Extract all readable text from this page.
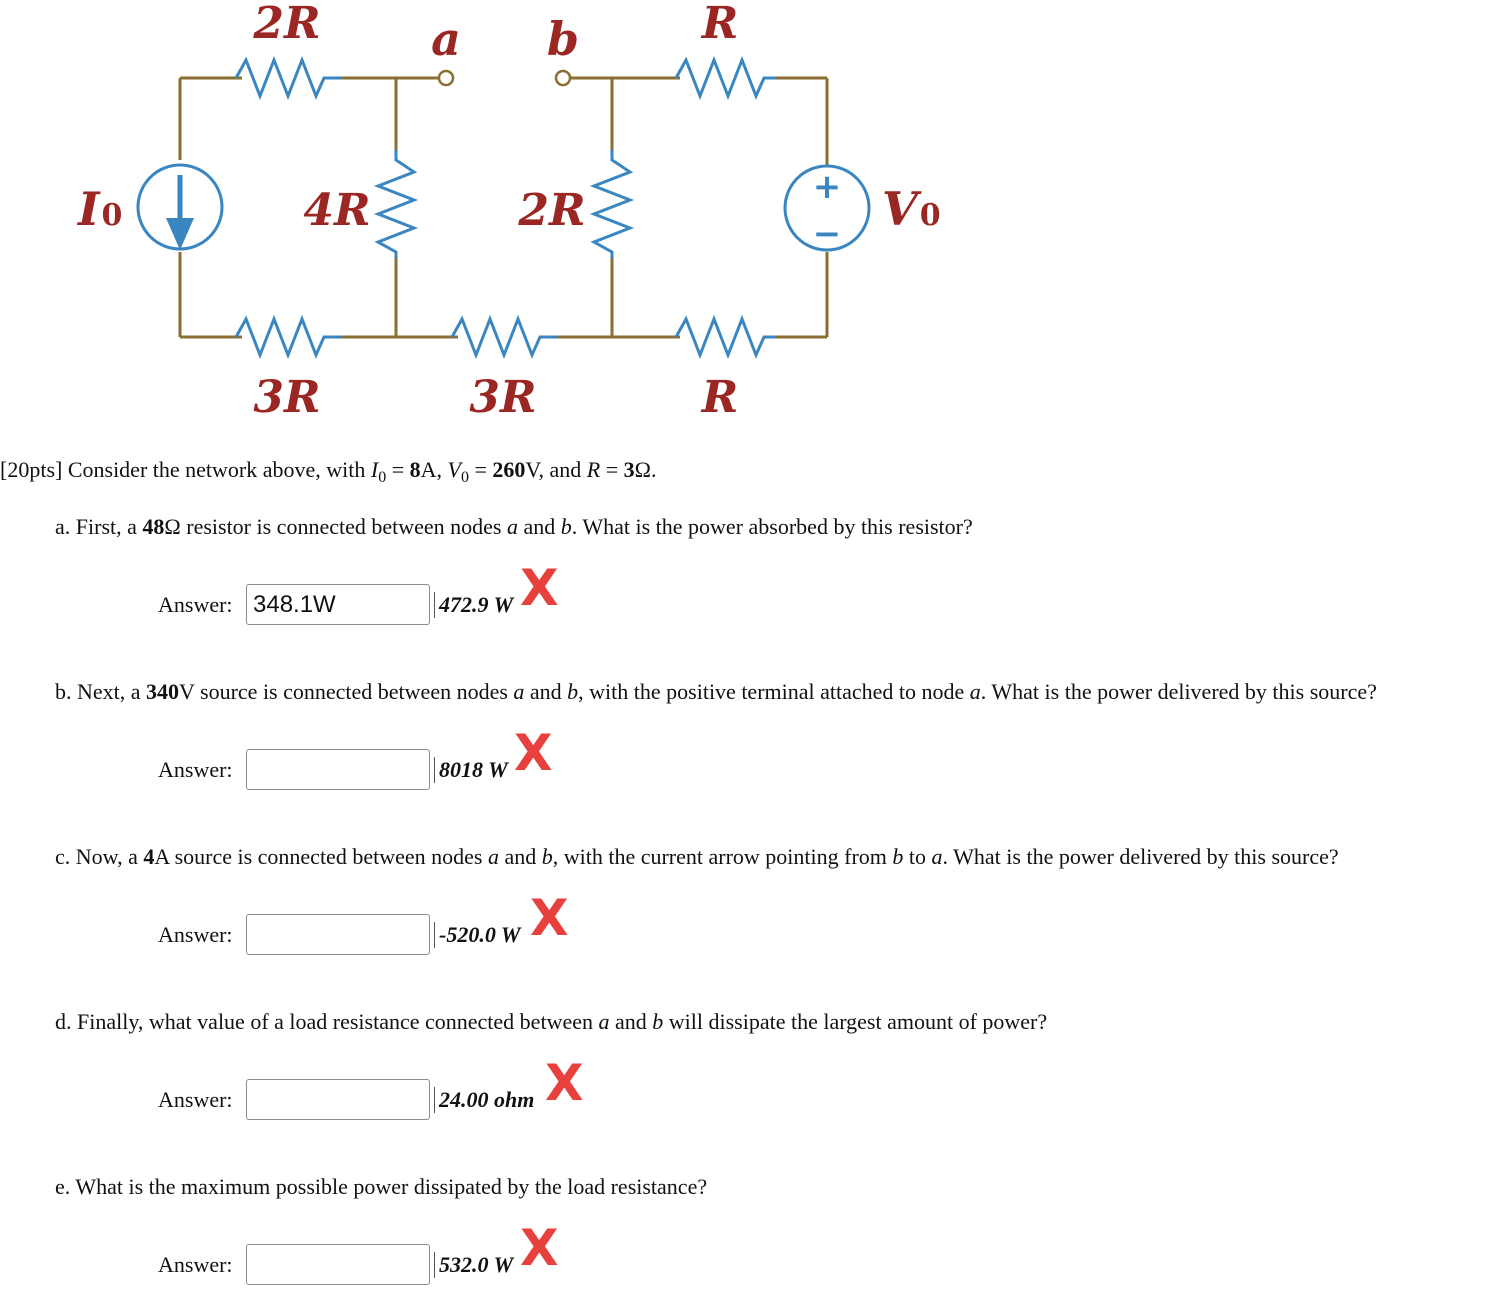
+
−
2R a b	R
I0	4R	2R	V0
3R	3R	R

[20pts] Consider the network above, with $I_0 = 8A$, $V_0 = 260V$, and R = 3Ω.

a. First, a 48Ω resistor is connected between nodes a and b. What is the power absorbed by this resistor?

Answer:
348.1W	472.9 W X

b. Next, a 340V source is connected between nodes a and b, with the positive terminal attached to node a. What is the power delivered by this source?

Answer:	8018 W X

c. Now, a 4A source is connected between nodes a and b, with the current arrow pointing from b to a. What is the power delivered by this source?

Answer:	-520.0 W X

d. Finally, what value of a load resistance connected between a and b will dissipate the largest amount of power?

Answer:	24.00 ohm X

e. What is the maximum possible power dissipated by the load resistance?

Answer:	532.0 W X
